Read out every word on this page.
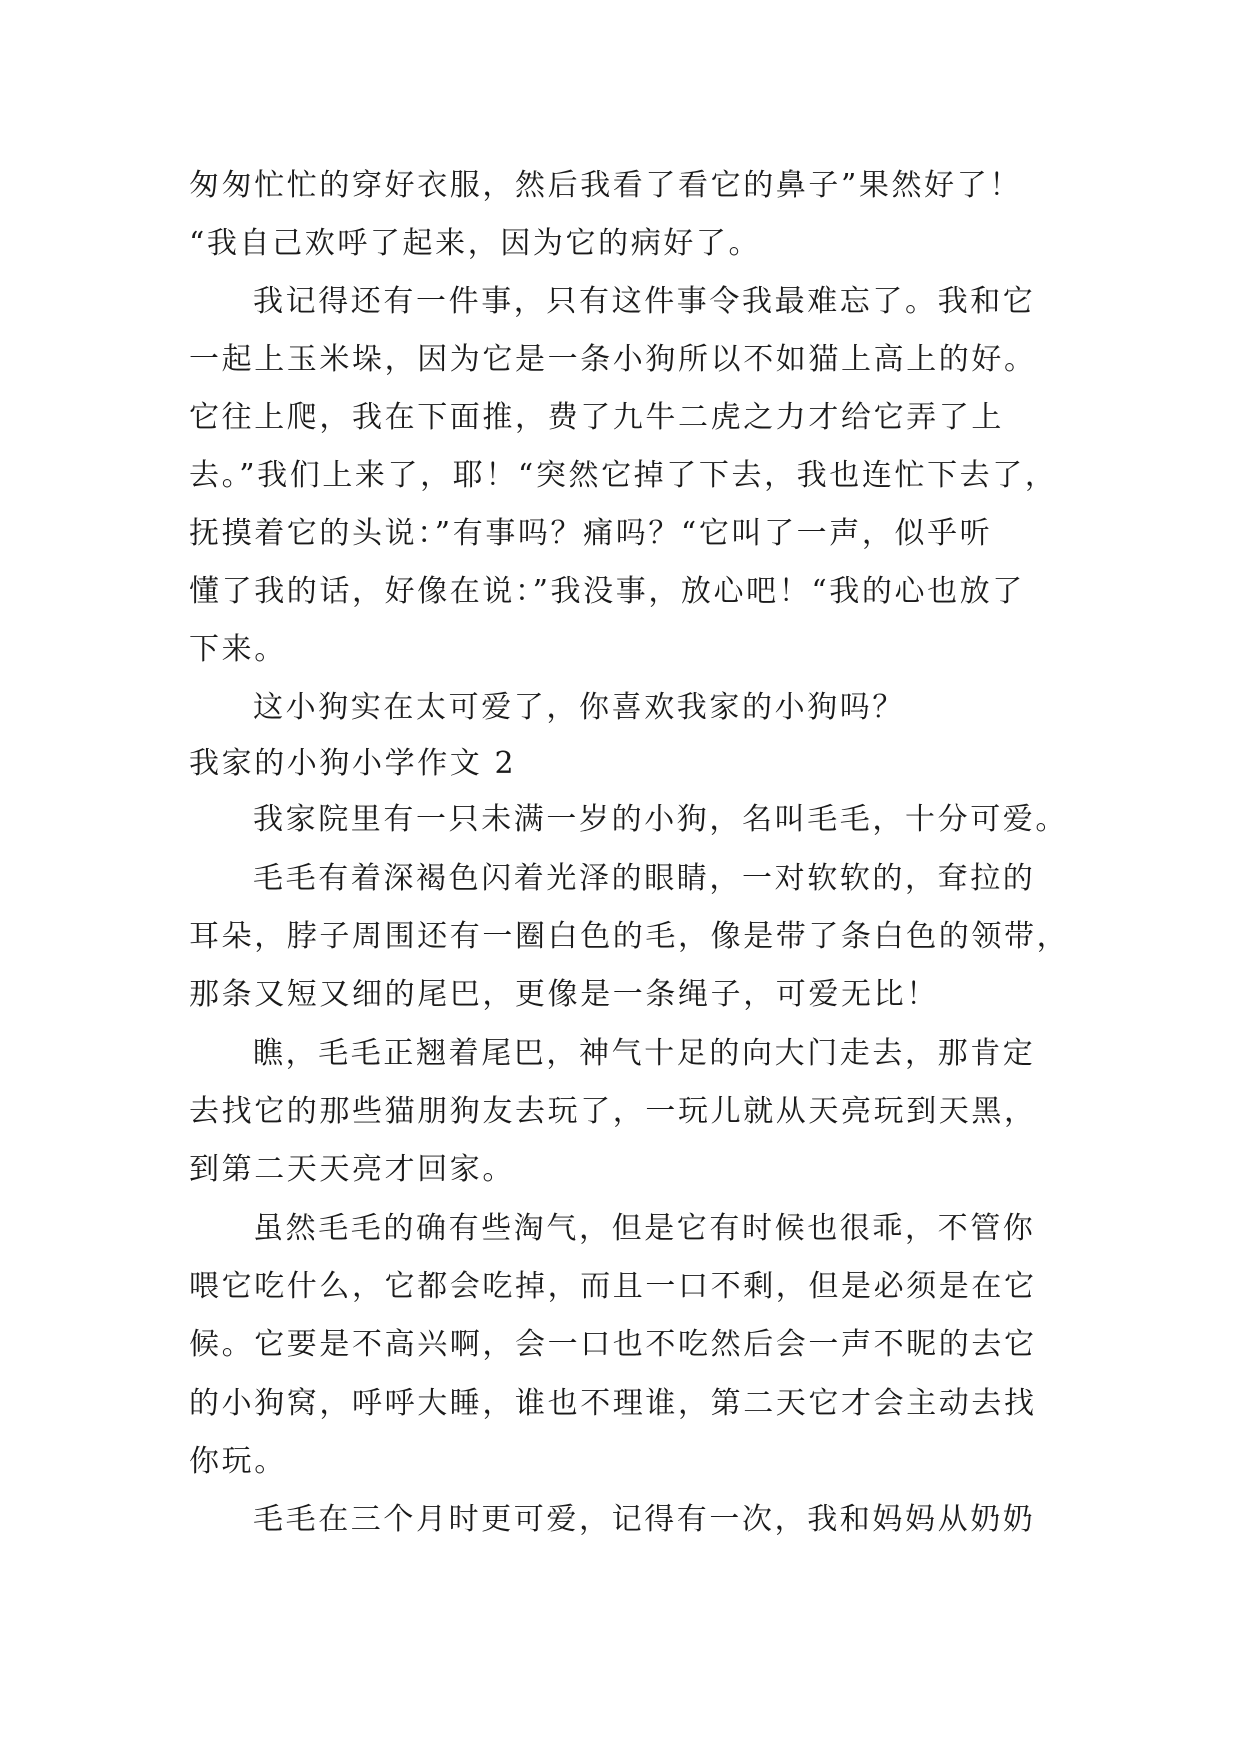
匆匆忙忙的穿好衣服，然后我看了看它的鼻子”果然好了！
“我自己欢呼了起来，因为它的病好了。
我记得还有一件事，只有这件事令我最难忘了。我和它
一起上玉米垛，因为它是一条小狗所以不如猫上高上的好。
它往上爬，我在下面推，费了九牛二虎之力才给它弄了上
去。”我们上来了，耶！“突然它掉了下去，我也连忙下去了，
抚摸着它的头说：”有事吗？痛吗？“它叫了一声，似乎听
懂了我的话，好像在说：”我没事，放心吧！“我的心也放了
下来。
这小狗实在太可爱了，你喜欢我家的小狗吗？
我家的小狗小学作文 2
我家院里有一只未满一岁的小狗，名叫毛毛，十分可爱。
毛毛有着深褐色闪着光泽的眼睛，一对软软的，耷拉的
耳朵，脖子周围还有一圈白色的毛，像是带了条白色的领带，
那条又短又细的尾巴，更像是一条绳子，可爱无比！
瞧，毛毛正翘着尾巴，神气十足的向大门走去，那肯定
去找它的那些猫朋狗友去玩了，一玩儿就从天亮玩到天黑，
到第二天天亮才回家。
虽然毛毛的确有些淘气，但是它有时候也很乖，不管你
喂它吃什么，它都会吃掉，而且一口不剩，但是必须是在它
候。它要是不高兴啊，会一口也不吃然后会一声不昵的去它
的小狗窝，呼呼大睡，谁也不理谁，第二天它才会主动去找
你玩。
毛毛在三个月时更可爱，记得有一次，我和妈妈从奶奶
